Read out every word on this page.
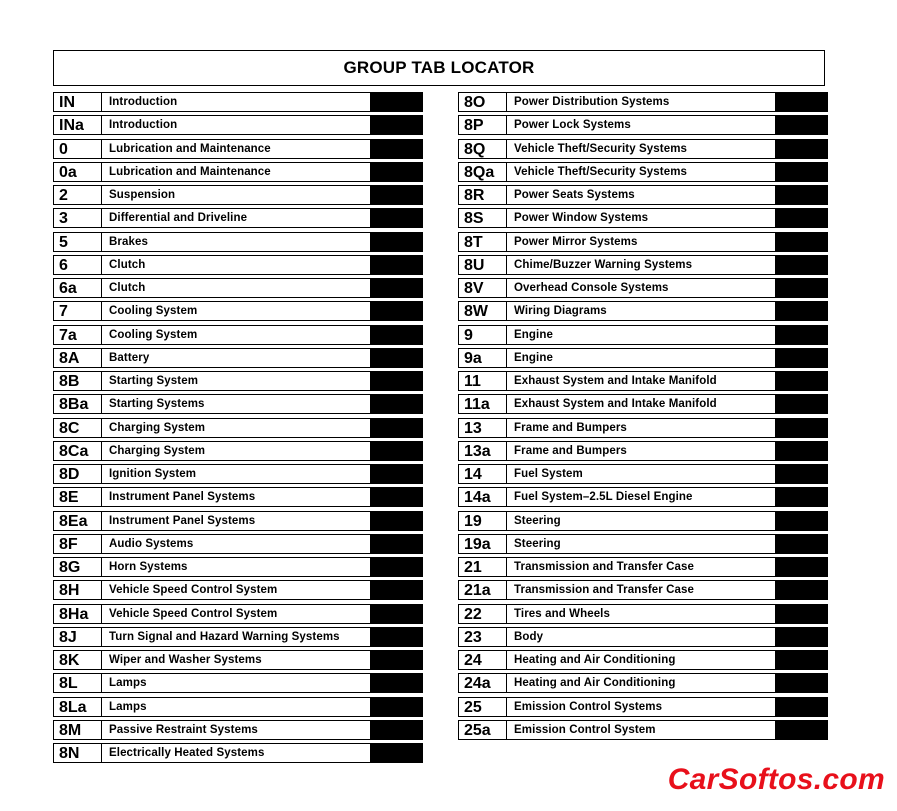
GROUP TAB LOCATOR
IN	Introduction
INa	Introduction
0	Lubrication and Maintenance
0a	Lubrication and Maintenance
2	Suspension
3	Differential and Driveline
5	Brakes
6	Clutch
6a	Clutch
7	Cooling System
7a	Cooling System
8A	Battery
8B	Starting System
8Ba	Starting Systems
8C	Charging System
8Ca	Charging System
8D	Ignition System
8E	Instrument Panel Systems
8Ea	Instrument Panel Systems
8F	Audio Systems
8G	Horn Systems
8H	Vehicle Speed Control System
8Ha	Vehicle Speed Control System
8J	Turn Signal and Hazard Warning Systems
8K	Wiper and Washer Systems
8L	Lamps
8La	Lamps
8M	Passive Restraint Systems
8N	Electrically Heated Systems
8O	Power Distribution Systems
8P	Power Lock Systems
8Q	Vehicle Theft/Security Systems
8Qa	Vehicle Theft/Security Systems
8R	Power Seats Systems
8S	Power Window Systems
8T	Power Mirror Systems
8U	Chime/Buzzer Warning Systems
8V	Overhead Console Systems
8W	Wiring Diagrams
9	Engine
9a	Engine
11	Exhaust System and Intake Manifold
11a	Exhaust System and Intake Manifold
13	Frame and Bumpers
13a	Frame and Bumpers
14	Fuel System
14a	Fuel System–2.5L Diesel Engine
19	Steering
19a	Steering
21	Transmission and Transfer Case
21a	Transmission and Transfer Case
22	Tires and Wheels
23	Body
24	Heating and Air Conditioning
24a	Heating and Air Conditioning
25	Emission Control Systems
25a	Emission Control System
CarSoftos.com
